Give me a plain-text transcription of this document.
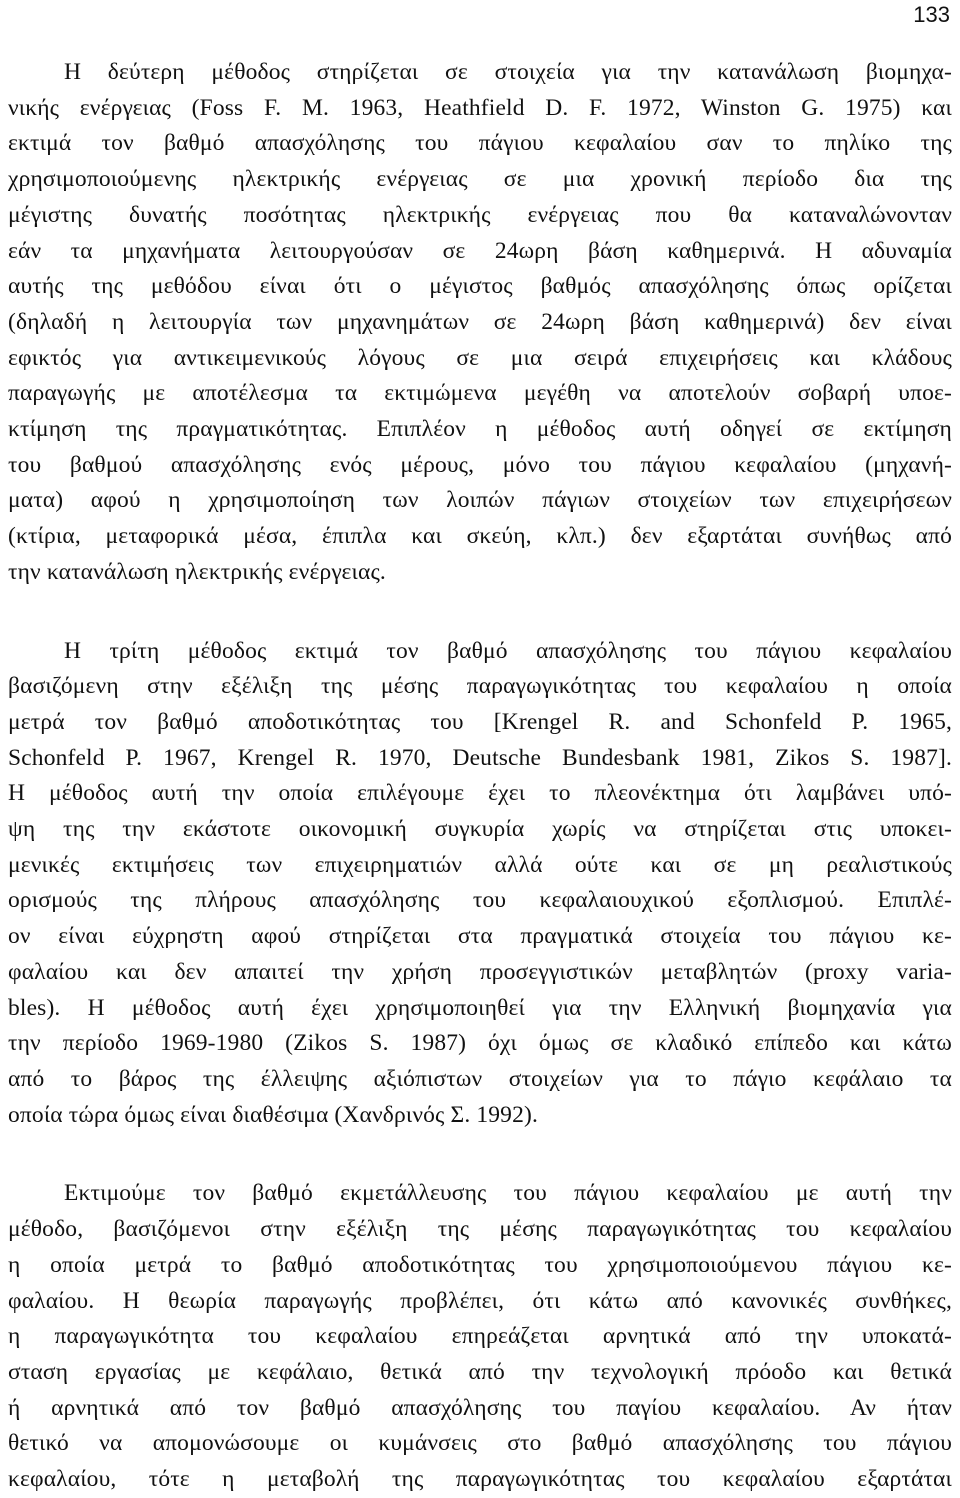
133

Η δεύτερη μέθοδος στηρίζεται σε στοιχεία για την κατανάλωση βιομηχα-
νικής ενέργειας (Foss F. M. 1963, Heathfield D. F. 1972, Winston G. 1975) και
εκτιμά τον βαθμό απασχόλησης του πάγιου κεφαλαίου σαν το πηλίκο της
χρησιμοποιούμενης ηλεκτρικής ενέργειας σε μια χρονική περίοδο δια της
μέγιστης δυνατής ποσότητας ηλεκτρικής ενέργειας που θα καταναλώνονταν
εάν τα μηχανήματα λειτουργούσαν σε 24ωρη βάση καθημερινά. Η αδυναμία
αυτής της μεθόδου είναι ότι ο μέγιστος βαθμός απασχόλησης όπως ορίζεται
(δηλαδή η λειτουργία των μηχανημάτων σε 24ωρη βάση καθημερινά) δεν είναι
εφικτός για αντικειμενικούς λόγους σε μια σειρά επιχειρήσεις και κλάδους
παραγωγής με αποτέλεσμα τα εκτιμώμενα μεγέθη να αποτελούν σοβαρή υποε-
κτίμηση της πραγματικότητας. Επιπλέον η μέθοδος αυτή οδηγεί σε εκτίμηση
του βαθμού απασχόλησης ενός μέρους, μόνο του πάγιου κεφαλαίου (μηχανή-
ματα) αφού η χρησιμοποίηση των λοιπών πάγιων στοιχείων των επιχειρήσεων
(κτίρια, μεταφορικά μέσα, έπιπλα και σκεύη, κλπ.) δεν εξαρτάται συνήθως από
την κατανάλωση ηλεκτρικής ενέργειας.

Η τρίτη μέθοδος εκτιμά τον βαθμό απασχόλησης του πάγιου κεφαλαίου
βασιζόμενη στην εξέλιξη της μέσης παραγωγικότητας του κεφαλαίου η οποία
μετρά τον βαθμό αποδοτικότητας του [Krengel R. and Schonfeld P. 1965,
Schonfeld P. 1967, Krengel R. 1970, Deutsche Bundesbank 1981, Zikos S. 1987].
Η μέθοδος αυτή την οποία επιλέγουμε έχει το πλεονέκτημα ότι λαμβάνει υπό-
ψη της την εκάστοτε οικονομική συγκυρία χωρίς να στηρίζεται στις υποκει-
μενικές εκτιμήσεις των επιχειρηματιών αλλά ούτε και σε μη ρεαλιστικούς
ορισμούς της πλήρους απασχόλησης του κεφαλαιουχικού εξοπλισμού. Επιπλέ-
ον είναι εύχρηστη αφού στηρίζεται στα πραγματικά στοιχεία του πάγιου κε-
φαλαίου και δεν απαιτεί την χρήση προσεγγιστικών μεταβλητών (proxy varia-
bles). Η μέθοδος αυτή έχει χρησιμοποιηθεί για την Ελληνική βιομηχανία για
την περίοδο 1969-1980 (Zikos S. 1987) όχι όμως σε κλαδικό επίπεδο και κάτω
από το βάρος της έλλειψης αξιόπιστων στοιχείων για το πάγιο κεφάλαιο τα
οποία τώρα όμως είναι διαθέσιμα (Χανδρινός Σ. 1992).

Εκτιμούμε τον βαθμό εκμετάλλευσης του πάγιου κεφαλαίου με αυτή την
μέθοδο, βασιζόμενοι στην εξέλιξη της μέσης παραγωγικότητας του κεφαλαίου
η οποία μετρά το βαθμό αποδοτικότητας του χρησιμοποιούμενου πάγιου κε-
φαλαίου. Η θεωρία παραγωγής προβλέπει, ότι κάτω από κανονικές συνθήκες,
η παραγωγικότητα του κεφαλαίου επηρεάζεται αρνητικά από την υποκατά-
σταση εργασίας με κεφάλαιο, θετικά από την τεχνολογική πρόοδο και θετικά
ή αρνητικά από τον βαθμό απασχόλησης του παγίου κεφαλαίου. Αν ήταν
θετικό να απομονώσουμε οι κυμάνσεις στο βαθμό απασχόλησης του πάγιου
κεφαλαίου, τότε η μεταβολή της παραγωγικότητας του κεφαλαίου εξαρτάται
